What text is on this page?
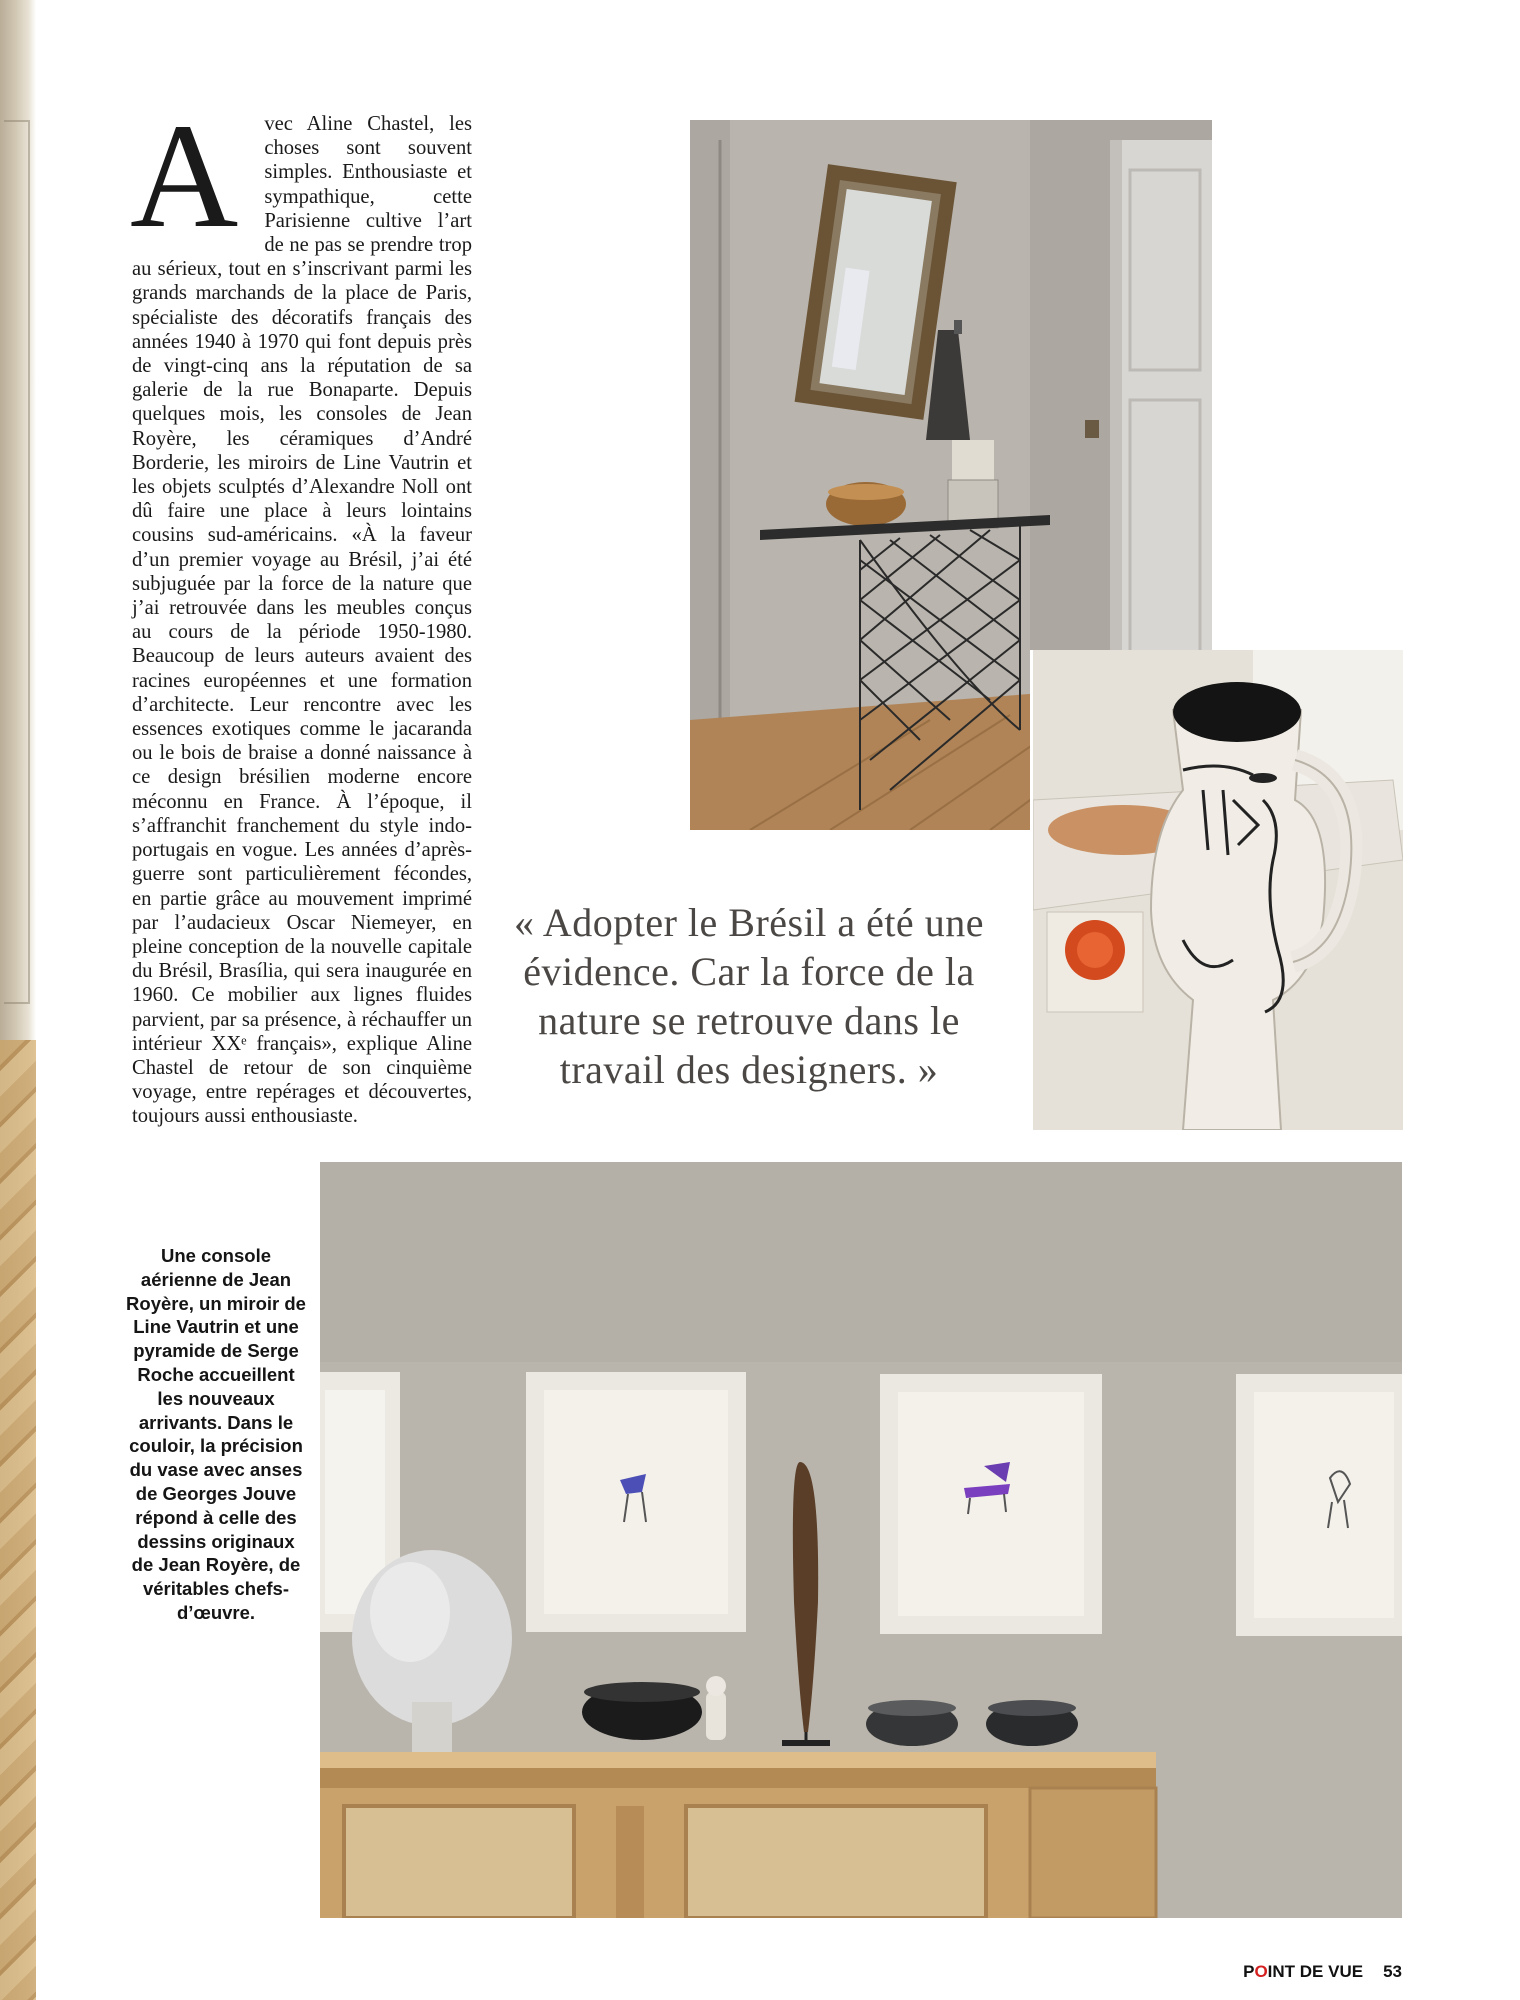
A	vec Aline Chastel, les choses sont souvent simples. Enthousiaste et sympathique, cette Parisienne cultive l’art de ne pas se prendre trop au sérieux, tout en s’inscrivant parmi les grands marchands de la place de Paris, spécialiste des décoratifs français des années 1940 à 1970 qui font depuis près de vingt-cinq ans la réputation de sa galerie de la rue Bonaparte. Depuis quelques mois, les consoles de Jean Royère, les céramiques d’André Borderie, les miroirs de Line Vautrin et les objets sculptés d’Alexandre Noll ont dû faire une place à leurs lointains cousins sud-américains. «À la faveur d’un premier voyage au Brésil, j’ai été subjuguée par la force de la nature que j’ai retrouvée dans les meubles conçus au cours de la période 1950-1980. Beaucoup de leurs auteurs avaient des racines européennes et une formation d’architecte. Leur rencontre avec les essences exotiques comme le jacaranda ou le bois de braise a donné naissance à ce design brésilien moderne encore méconnu en France. À l’époque, il s’affranchit franchement du style indo-portugais en vogue. Les années d’après-guerre sont particulièrement fécondes, en partie grâce au mouvement imprimé par l’audacieux Oscar Niemeyer, en pleine conception de la nouvelle capitale du Brésil, Brasília, qui sera inaugurée en 1960. Ce mobilier aux lignes fluides parvient, par sa présence, à réchauffer un intérieur XXᵉ français», explique Aline Chastel de retour de son cinquième voyage, entre repérages et découvertes, toujours aussi enthousiaste.

« Adopter le Brésil a été une évidence. Car la force de la nature se retrouve dans le travail des designers. »
Une console aérienne de Jean Royère, un miroir de Line Vautrin et une pyramide de Serge Roche accueillent les nouveaux arrivants. Dans le couloir, la précision du vase avec anses de Georges Jouve répond à celle des dessins originaux de Jean Royère, de véritables chefs-d’œuvre.
POINT DE VUE 53
